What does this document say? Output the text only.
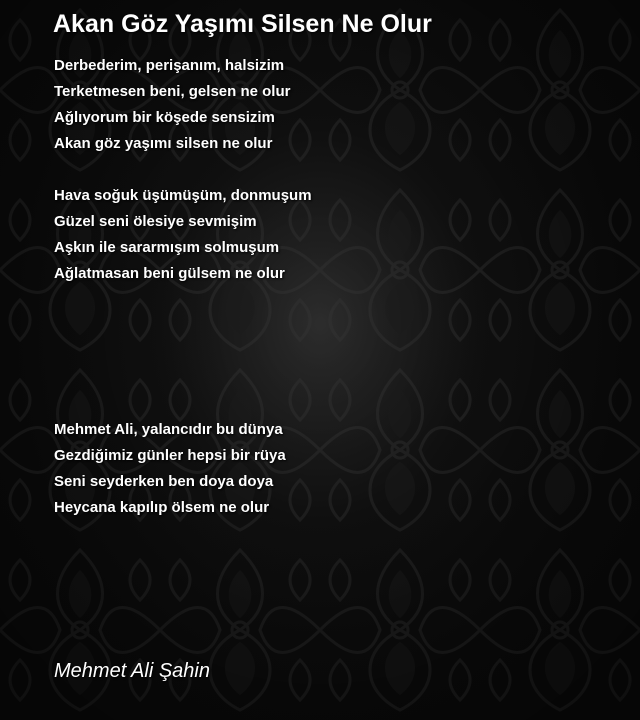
Akan Göz Yaşımı Silsen Ne Olur
Derbederim, perişanım, halsizim
Terketmesen beni, gelsen ne olur
Ağlıyorum bir köşede sensizim
Akan göz yaşımı silsen ne olur
Hava soğuk üşümüşüm, donmuşum
Güzel seni ölesiye sevmişim
Aşkın ile sararmışım solmuşum
Ağlatmasan beni gülsem ne olur
Mehmet Ali, yalancıdır bu dünya
Gezdiğimiz günler hepsi bir rüya
Seni seyderken ben doya doya
Heycana kapılıp ölsem ne olur
Mehmet Ali Şahin
